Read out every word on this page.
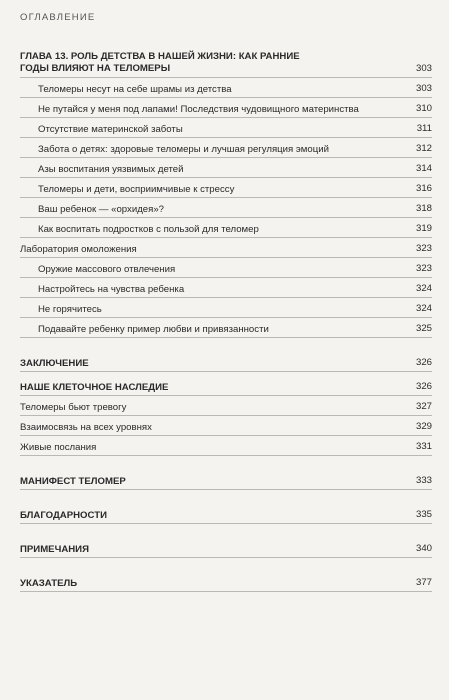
ОГЛАВЛЕНИЕ
ГЛАВА 13. РОЛЬ ДЕТСТВА В НАШЕЙ ЖИЗНИ: КАК РАННИЕ ГОДЫ ВЛИЯЮТ НА ТЕЛОМЕРЫ	303
Теломеры несут на себе шрамы из детства	303
Не путайся у меня под лапами! Последствия чудовищного материнства	310
Отсутствие материнской заботы	311
Забота о детях: здоровые теломеры и лучшая регуляция эмоций	312
Азы воспитания уязвимых детей	314
Теломеры и дети, восприимчивые к стрессу	316
Ваш ребенок — «орхидея»?	318
Как воспитать подростков с пользой для теломер	319
Лаборатория омоложения	323
Оружие массового отвлечения	323
Настройтесь на чувства ребенка	324
Не горячитесь	324
Подавайте ребенку пример любви и привязанности	325
ЗАКЛЮЧЕНИЕ	326
НАШЕ КЛЕТОЧНОЕ НАСЛЕДИЕ	326
Теломеры бьют тревогу	327
Взаимосвязь на всех уровнях	329
Живые послания	331
МАНИФЕСТ ТЕЛОМЕР	333
БЛАГОДАРНОСТИ	335
ПРИМЕЧАНИЯ	340
УКАЗАТЕЛЬ	377
